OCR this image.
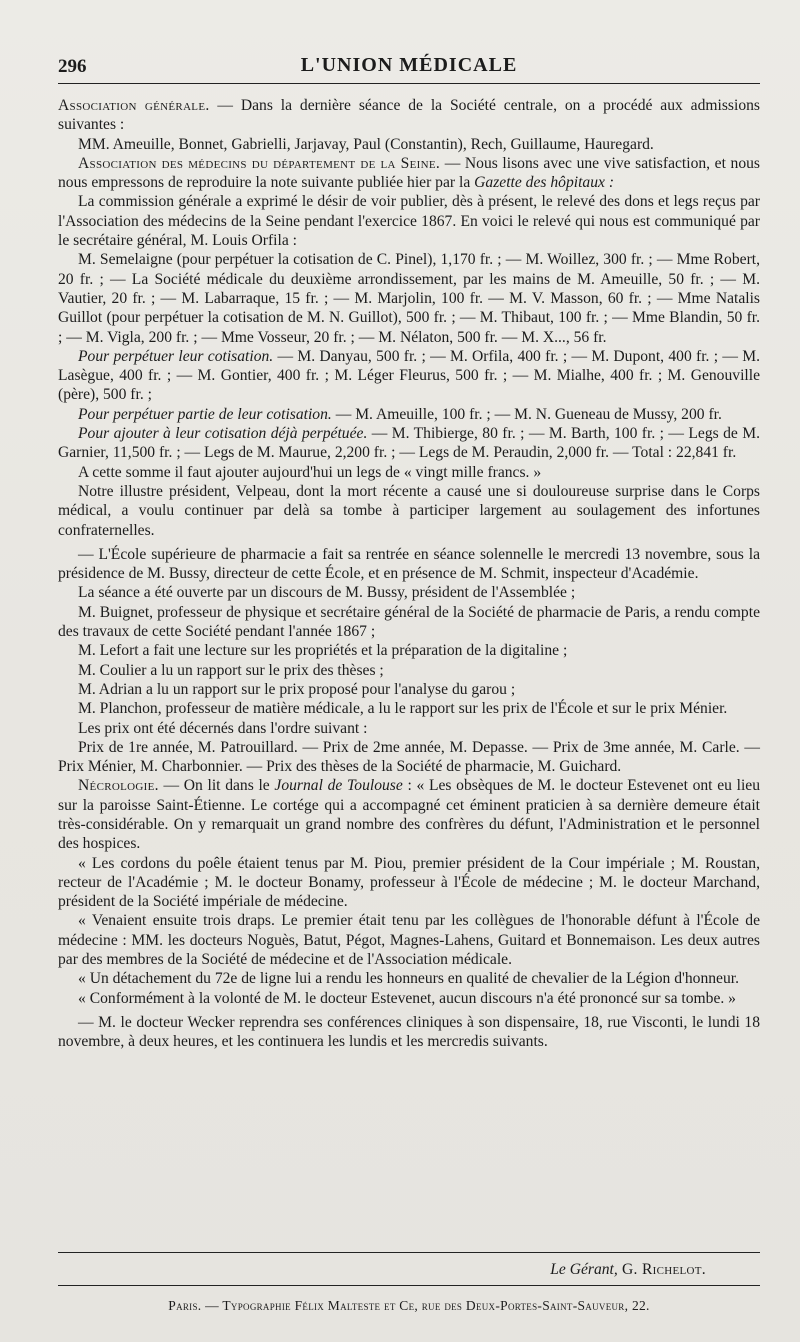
296	L'UNION MÉDICALE

Association générale. — Dans la dernière séance de la Société centrale, on a procédé aux admissions suivantes :

MM. Ameuille, Bonnet, Gabrielli, Jarjavay, Paul (Constantin), Rech, Guillaume, Hauregard.

Association des médecins du département de la Seine. — Nous lisons avec une vive satisfaction, et nous nous empressons de reproduire la note suivante publiée hier par la Gazette des hôpitaux :

La commission générale a exprimé le désir de voir publier, dès à présent, le relevé des dons et legs reçus par l'Association des médecins de la Seine pendant l'exercice 1867. En voici le relevé qui nous est communiqué par le secrétaire général, M. Louis Orfila :

M. Semelaigne (pour perpétuer la cotisation de C. Pinel), 1,170 fr. ; — M. Woillez, 300 fr. ; — Mme Robert, 20 fr. ; — La Société médicale du deuxième arrondissement, par les mains de M. Ameuille, 50 fr. ; — M. Vautier, 20 fr. ; — M. Labarraque, 15 fr. ; — M. Marjolin, 100 fr. — M. V. Masson, 60 fr. ; — Mme Natalis Guillot (pour perpétuer la cotisation de M. N. Guillot), 500 fr. ; — M. Thibaut, 100 fr. ; — Mme Blandin, 50 fr. ; — M. Vigla, 200 fr. ; — Mme Vosseur, 20 fr. ; — M. Nélaton, 500 fr. — M. X..., 56 fr.

Pour perpétuer leur cotisation. — M. Danyau, 500 fr. ; — M. Orfila, 400 fr. ; — M. Dupont, 400 fr. ; — M. Lasègue, 400 fr. ; — M. Gontier, 400 fr. ; M. Léger Fleurus, 500 fr. ; — M. Mialhe, 400 fr. ; M. Genouville (père), 500 fr. ;

Pour perpétuer partie de leur cotisation. — M. Ameuille, 100 fr. ; — M. N. Gueneau de Mussy, 200 fr.

Pour ajouter à leur cotisation déjà perpétuée. — M. Thibierge, 80 fr. ; — M. Barth, 100 fr. ; — Legs de M. Garnier, 11,500 fr. ; — Legs de M. Maurue, 2,200 fr. ; — Legs de M. Peraudin, 2,000 fr. — Total : 22,841 fr.

A cette somme il faut ajouter aujourd'hui un legs de « vingt mille francs. »

Notre illustre président, Velpeau, dont la mort récente a causé une si douloureuse surprise dans le Corps médical, a voulu continuer par delà sa tombe à participer largement au soulagement des infortunes confraternelles.

— L'École supérieure de pharmacie a fait sa rentrée en séance solennelle le mercredi 13 novembre, sous la présidence de M. Bussy, directeur de cette École, et en présence de M. Schmit, inspecteur d'Académie.

La séance a été ouverte par un discours de M. Bussy, président de l'Assemblée ;

M. Buignet, professeur de physique et secrétaire général de la Société de pharmacie de Paris, a rendu compte des travaux de cette Société pendant l'année 1867 ;

M. Lefort a fait une lecture sur les propriétés et la préparation de la digitaline ;

M. Coulier a lu un rapport sur le prix des thèses ;

M. Adrian a lu un rapport sur le prix proposé pour l'analyse du garou ;

M. Planchon, professeur de matière médicale, a lu le rapport sur les prix de l'École et sur le prix Ménier.

Les prix ont été décernés dans l'ordre suivant :

Prix de 1re année, M. Patrouillard. — Prix de 2me année, M. Depasse. — Prix de 3me année, M. Carle. — Prix Ménier, M. Charbonnier. — Prix des thèses de la Société de pharmacie, M. Guichard.

Nécrologie. — On lit dans le Journal de Toulouse : « Les obsèques de M. le docteur Estevenet ont eu lieu sur la paroisse Saint-Étienne. Le cortége qui a accompagné cet éminent praticien à sa dernière demeure était très-considérable. On y remarquait un grand nombre des confrères du défunt, l'Administration et le personnel des hospices.

« Les cordons du poêle étaient tenus par M. Piou, premier président de la Cour impériale ; M. Roustan, recteur de l'Académie ; M. le docteur Bonamy, professeur à l'École de médecine ; M. le docteur Marchand, président de la Société impériale de médecine.

« Venaient ensuite trois draps. Le premier était tenu par les collègues de l'honorable défunt à l'École de médecine : MM. les docteurs Noguès, Batut, Pégot, Magnes-Lahens, Guitard et Bonnemaison. Les deux autres par des membres de la Société de médecine et de l'Association médicale.

« Un détachement du 72e de ligne lui a rendu les honneurs en qualité de chevalier de la Légion d'honneur.

« Conformément à la volonté de M. le docteur Estevenet, aucun discours n'a été prononcé sur sa tombe. »

— M. le docteur Wecker reprendra ses conférences cliniques à son dispensaire, 18, rue Visconti, le lundi 18 novembre, à deux heures, et les continuera les lundis et les mercredis suivants.

Le Gérant, G. Richelot.
Paris. — Typographie Félix Malteste et Ce, rue des Deux-Portes-Saint-Sauveur, 22.
